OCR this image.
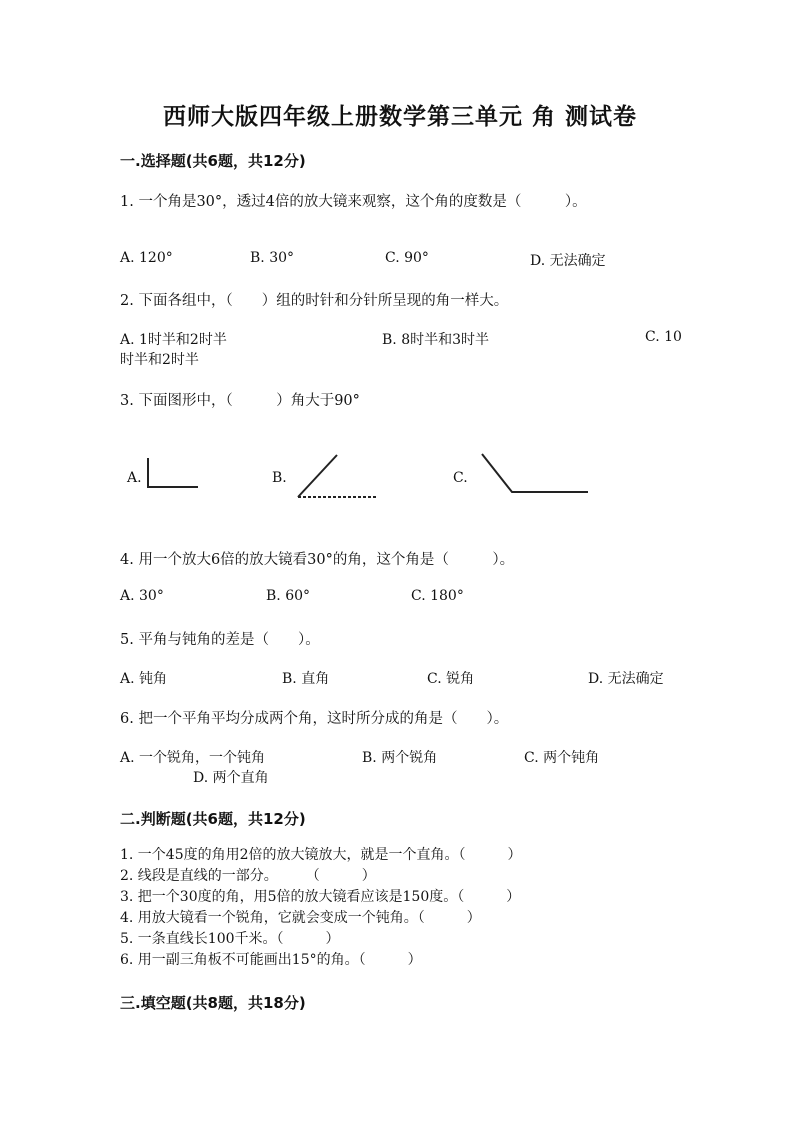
西师大版四年级上册数学第三单元 角 测试卷
一.选择题(共6题，共12分)
1. 一个角是30°，透过4倍的放大镜来观察，这个角的度数是（　　　）。
A. 120°	B. 30°	C. 90°	D. 无法确定
2. 下面各组中，（　　）组的时针和分针所呈现的角一样大。
A. 1时半和2时半	B. 8时半和3时半	C. 10
时半和2时半
3. 下面图形中，（　　　）角大于90°
A.	B.	C.
4. 用一个放大6倍的放大镜看30°的角，这个角是（　　　）。
A. 30°	B. 60°	C. 180°
5. 平角与钝角的差是（　　）。
A. 钝角	B. 直角	C. 锐角	D. 无法确定
6. 把一个平角平均分成两个角，这时所分成的角是（　　）。
A. 一个锐角，一个钝角	B. 两个锐角	C. 两个钝角
D. 两个直角
二.判断题(共6题，共12分)
1. 一个45度的角用2倍的放大镜放大，就是一个直角。（　　　）
2. 线段是直线的一部分。　　　（　　　）
3. 把一个30度的角，用5倍的放大镜看应该是150度。（　　　）
4. 用放大镜看一个锐角，它就会变成一个钝角。（　　　）
5. 一条直线长100千米。（　　　）
6. 用一副三角板不可能画出15°的角。（　　　）
三.填空题(共8题，共18分)
